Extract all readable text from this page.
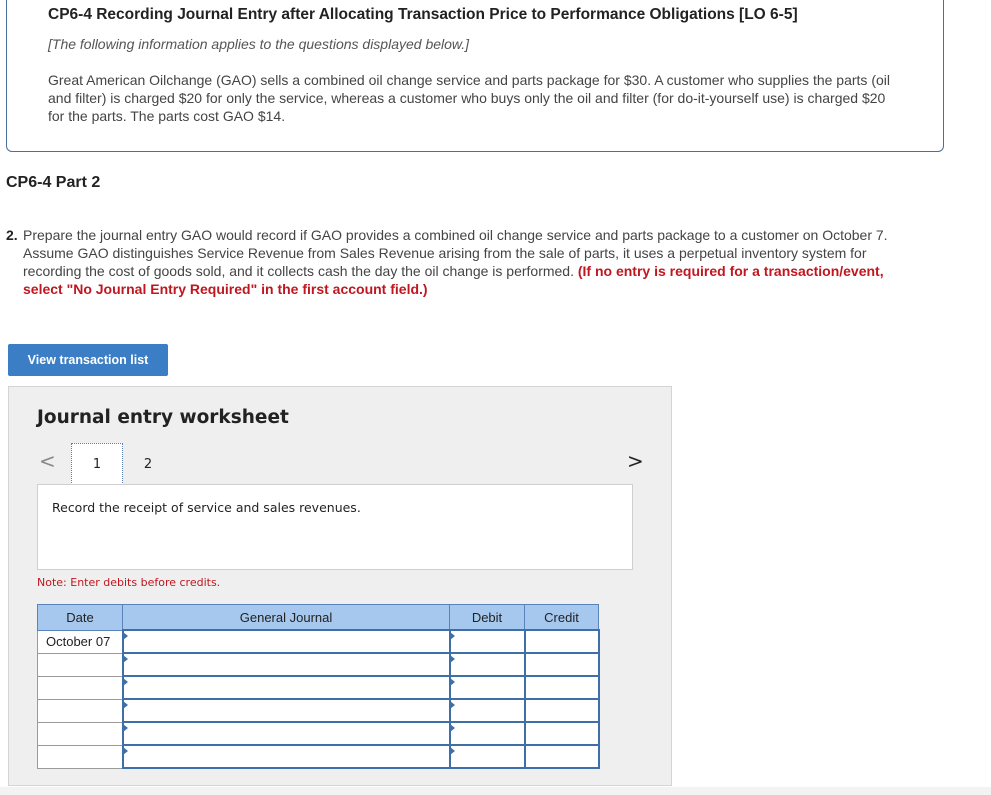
CP6-4 Recording Journal Entry after Allocating Transaction Price to Performance Obligations [LO 6-5]
[The following information applies to the questions displayed below.]
Great American Oilchange (GAO) sells a combined oil change service and parts package for $30. A customer who supplies the parts (oil and filter) is charged $20 for only the service, whereas a customer who buys only the oil and filter (for do-it-yourself use) is charged $20 for the parts. The parts cost GAO $14.
CP6-4 Part 2
2. Prepare the journal entry GAO would record if GAO provides a combined oil change service and parts package to a customer on October 7. Assume GAO distinguishes Service Revenue from Sales Revenue arising from the sale of parts, it uses a perpetual inventory system for recording the cost of goods sold, and it collects cash the day the oil change is performed. (If no entry is required for a transaction/event, select "No Journal Entry Required" in the first account field.)
View transaction list
Journal entry worksheet
<	1	2	>
Record the receipt of service and sales revenues.
Note: Enter debits before credits.
Date	General Journal	Debit	Credit
October 07	
